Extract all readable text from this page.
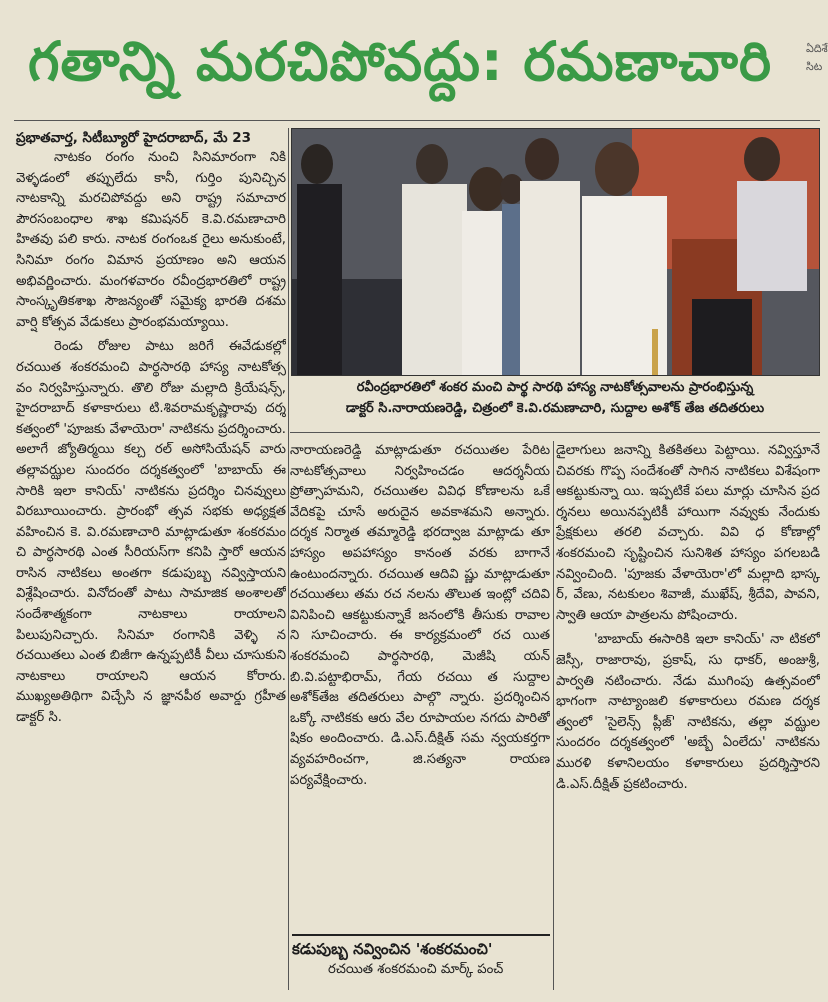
గతాన్ని మరచిపోవద్దు: రమణాచారి	ఏదిశే సిట
ప్రభాతవార్త, సిటీబ్యూరో హైదరాబాద్, మే 23

నాటకం రంగం నుంచి సినిమారంగా నికి వెళ్ళడంలో తప్పులేదు కానీ, గుర్తిం పునిచ్చిన నాటకాన్ని మరచిపోవద్దు అని రాష్ట్ర సమాచార పౌరసంబంధాల శాఖ కమిషనర్ కె.వి.రమణాచారి హితవు పలి కారు. నాటక రంగంఒక రైలు అనుకుంటే, సినిమా రంగం విమాన ప్రయాణం అని ఆయన అభివర్ణించారు. మంగళవారం రవీంద్రభారతిలో రాష్ట్ర సాంస్కృతికశాఖ సౌజన్యంతో సమైక్య భారతి దశమ వార్షి కోత్సవ వేడుకలు ప్రారంభమయ్యాయి.

రెండు రోజుల పాటు జరిగే ఈవేడుకల్లో రచయిత శంకరమంచి పార్థసారథి హాస్య నాటకోత్స వం నిర్వహిస్తున్నారు. తొలి రోజు మల్లాది క్రియేషన్స్, హైదరాబాద్ కళాకారులు టి.శివరామకృష్ణారావు దర్శ కత్వంలో 'పూజకు వేళాయెరా' నాటికను ప్రదర్శించారు. అలాగే జ్యోతిర్మయి కల్చ రల్ అసోసియేషన్ వారు తల్లావఝ్ఝల సుందరం దర్శకత్వంలో 'బాబాయ్ ఈ సారికి ఇలా కానియ్' నాటికను ప్రదర్శిం చినవ్వులు విరబూయించారు. ప్రారంభో త్సవ సభకు అధ్యక్షత వహించిన కె. వి.రమణాచారి మాట్లాడుతూ శంకరమం చి పార్థసారథి ఎంత సీరియస్‌గా కనిపి స్తారో ఆయన రాసిన నాటికలు అంతగా కడుపుబ్బ నవ్విస్తాయని విశ్లేషించారు. వినోదంతో పాటు సామాజిక అంశాలతో సందేశాత్మకంగా నాటకాలు రాయాలని పిలుపునిచ్చారు. సినిమా రంగానికి వెళ్ళి న రచయితలు ఎంత బిజీగా ఉన్నప్పటికీ వీలు చూసుకుని నాటకాలు రాయాలని ఆయన కోరారు. ముఖ్యఅతిథిగా విచ్చేసి న జ్ఞానపీఠ అవార్డు గ్రహీత డాక్టర్ సి.

రవీంద్రభారతిలో శంకర మంచి పార్థ సారథి హాస్య నాటకోత్సవాలను ప్రారంభిస్తున్న
డాక్టర్ సి.నారాయణరెడ్డి, చిత్రంలో కె.వి.రమణాచారి, సుద్దాల అశోక్ తేజ తదితరులు

నారాయణరెడ్డి మాట్లాడుతూ రచయితల పేరిట నాటకోత్సవాలు నిర్వహించడం ఆదర్శనీయ ప్రోత్సాహమని, రచయితల వివిధ కోణాలను ఒకే వేదికపై చూసే అరుదైన అవకాశమని అన్నారు. దర్శక నిర్మాత తమ్మారెడ్డి భరద్వాజ మాట్లాడు తూ హాస్యం అపహాస్యం కానంత వరకు బాగానే ఉంటుందన్నారు. రచయిత ఆదివి ష్ణు మాట్లాడుతూ రచయితలు తమ రచ నలను తొలుత ఇంట్లో చదివి వినిపించి ఆకట్టుకున్నాకే జనంలోకి తీసుకు రావాల ని సూచించారు. ఈ కార్యక్రమంలో రచ యిత శంకరమంచి పార్థసారథి, మెజీషి యన్ బి.వి.పట్టాభిరామ్, గేయ రచయి త సుద్దాల అశోక్‌తేజ తదితరులు పాల్గొ న్నారు. ప్రదర్శించిన ఒక్కో నాటికకు ఆరు వేల రూపాయల నగదు పారితో షికం అందించారు. డి.ఎస్.దీక్షిత్ సమ న్వయకర్తగా వ్యవహరించగా, జి.సత్యనా రాయణ పర్యవేక్షించారు.

కడుపుబ్బ నవ్వించిన 'శంకరమంచి'

రచయిత శంకరమంచి మార్క్ పంచ్

డైలాగులు జనాన్ని కితకితలు పెట్టాయి. నవ్విస్తూనే చివరకు గొప్ప సందేశంతో సాగిన నాటికలు విశేషంగా ఆకట్టుకున్నా యి. ఇప్పటికే పలు మార్లు చూసిన ప్రద ర్శనలు అయినప్పటికీ హాయిగా నవ్వుకు నేందుకు ప్రేక్షకులు తరలి వచ్చారు. వివి ధ కోణాల్లో శంకరమంచి సృష్టించిన సునిశిత హాస్యం పగలబడి నవ్వించింది. 'పూజకు వేళాయెరా'లో మల్లాది భాస్క ర్, వేణు, నటకులం శివాజీ, ముఖేష్, శ్రీదేవి, పావని, స్వాతి ఆయా పాత్రలను పోషించారు.

'బాబాయ్ ఈసారికి ఇలా కానియ్' నా టికలో జెస్సీ, రాజారావు, ప్రకాష్, సు ధాకర్, అంజుశ్రీ, పార్వతి నటించారు. నేడు ముగింపు ఉత్సవంలో భాగంగా నాట్యాంజలి కళాకారులు రమణ దర్శక త్వంలో 'సైలెన్స్ ప్లీజ్' నాటికను, తల్లా వఝ్ఝల సుందరం దర్శకత్వంలో 'అబ్బే ఏంలేదు' నాటికను మురళి కళానిలయం కళాకారులు ప్రదర్శిస్తారని డి.ఎస్.దీక్షిత్ ప్రకటించారు.
